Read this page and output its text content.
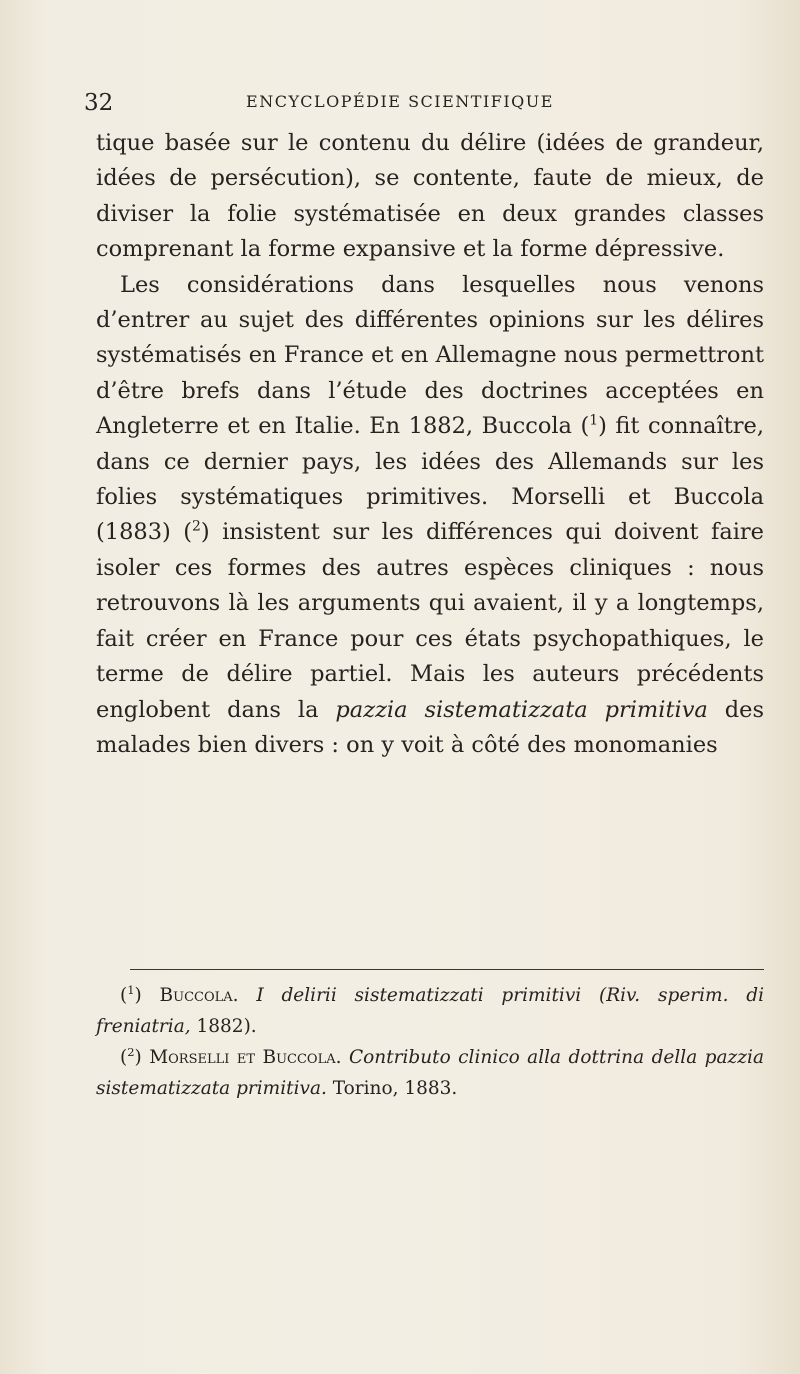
32	ENCYCLOPÉDIE SCIENTIFIQUE

tique basée sur le contenu du délire (idées de grandeur, idées de persécution), se contente, faute de mieux, de diviser la folie systématisée en deux grandes classes comprenant la forme expansive et la forme dépressive.

Les considérations dans lesquelles nous venons d’entrer au sujet des différentes opinions sur les délires systématisés en France et en Allemagne nous permettront d’être brefs dans l’étude des doctrines acceptées en Angleterre et en Italie. En 1882, Buccola ($^1$) fit connaître, dans ce dernier pays, les idées des Allemands sur les folies systématiques primitives. Morselli et Buccola (1883) ($^2$) insistent sur les différences qui doivent faire isoler ces formes des autres espèces cliniques : nous retrouvons là les arguments qui avaient, il y a longtemps, fait créer en France pour ces états psychopathiques, le terme de délire partiel. Mais les auteurs précédents englobent dans la pazzia sistematizzata primitiva des malades bien divers : on y voit à côté des monomanies

($^1$) Buccola. I delirii sistematizzati primitivi (Riv. sperim. di freniatria, 1882).

($^2$) Morselli et Buccola. Contributo clinico alla dottrina della pazzia sistematizzata primitiva. Torino, 1883.
